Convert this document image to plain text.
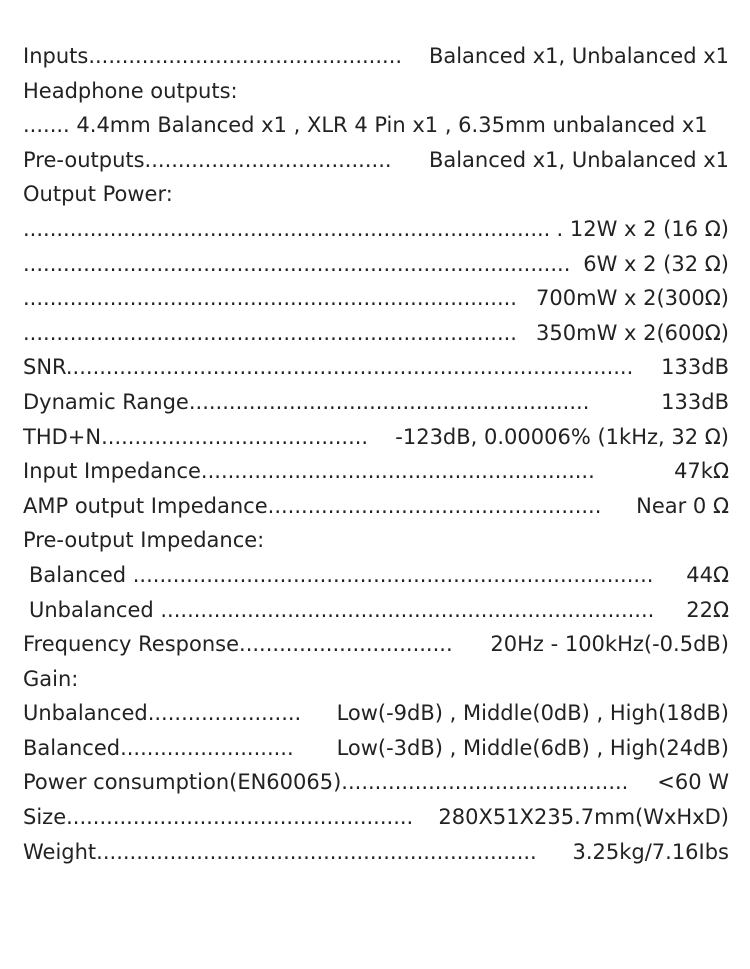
Inputs............................................... Balanced x1, Unbalanced x1
Headphone outputs:
....... 4.4mm Balanced x1 , XLR 4 Pin x1 , 6.35mm unbalanced x1
Pre-outputs..................................... Balanced x1, Unbalanced x1
Output Power:
............................................................................... . 12W x 2 (16 Ω)
.................................................................................. 6W x 2 (32 Ω)
.......................................................................... 700mW x 2(300Ω)
.......................................................................... 350mW x 2(600Ω)
SNR..................................................................................... 133dB
Dynamic Range............................................................	133dB
THD+N........................................ -123dB, 0.00006% (1kHz, 32 Ω)
Input Impedance...........................................................	47kΩ
AMP output Impedance.................................................. Near 0 Ω
Pre-output Impedance:
Balanced .............................................................................. 44Ω
Unbalanced .......................................................................... 22Ω
Frequency Response................................ 20Hz - 100kHz(-0.5dB)
Gain:
Unbalanced....................... Low(-9dB) , Middle(0dB) , High(18dB)
Balanced.......................... Low(-3dB) , Middle(6dB) , High(24dB)
Power consumption(EN60065)........................................... <60 W
Size.................................................... 280X51X235.7mm(WxHxD)
Weight.................................................................. 3.25kg/7.16Ibs
